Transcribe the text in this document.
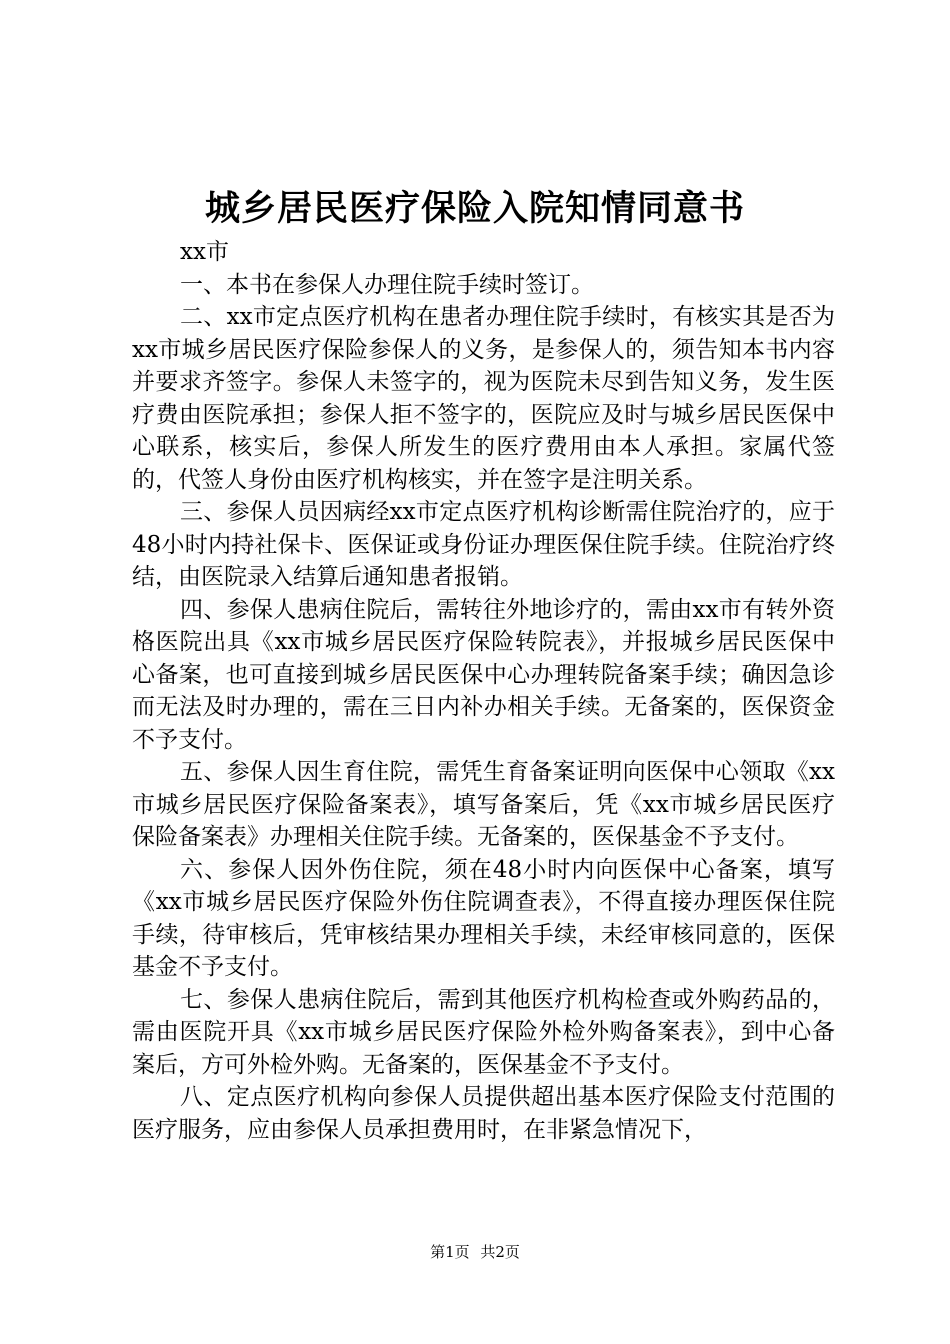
城乡居民医疗保险入院知情同意书

xx市

一、本书在参保人办理住院手续时签订。

二、xx市定点医疗机构在患者办理住院手续时，有核实其是否为xx市城乡居民医疗保险参保人的义务，是参保人的，须告知本书内容并要求齐签字。参保人未签字的，视为医院未尽到告知义务，发生医疗费由医院承担；参保人拒不签字的，医院应及时与城乡居民医保中心联系，核实后，参保人所发生的医疗费用由本人承担。家属代签的，代签人身份由医疗机构核实，并在签字是注明关系。

三、参保人员因病经xx市定点医疗机构诊断需住院治疗的，应于48小时内持社保卡、医保证或身份证办理医保住院手续。住院治疗终结，由医院录入结算后通知患者报销。

四、参保人患病住院后，需转往外地诊疗的，需由xx市有转外资格医院出具《xx市城乡居民医疗保险转院表》，并报城乡居民医保中心备案，也可直接到城乡居民医保中心办理转院备案手续；确因急诊而无法及时办理的，需在三日内补办相关手续。无备案的，医保资金不予支付。

五、参保人因生育住院，需凭生育备案证明向医保中心领取《xx市城乡居民医疗保险备案表》，填写备案后，凭《xx市城乡居民医疗保险备案表》办理相关住院手续。无备案的，医保基金不予支付。

六、参保人因外伤住院，须在48小时内向医保中心备案，填写《xx市城乡居民医疗保险外伤住院调查表》，不得直接办理医保住院手续，待审核后，凭审核结果办理相关手续，未经审核同意的，医保基金不予支付。

七、参保人患病住院后，需到其他医疗机构检查或外购药品的，需由医院开具《xx市城乡居民医疗保险外检外购备案表》，到中心备案后，方可外检外购。无备案的，医保基金不予支付。

八、定点医疗机构向参保人员提供超出基本医疗保险支付范围的医疗服务，应由参保人员承担费用时，在非紧急情况下，

第1页 共2页
